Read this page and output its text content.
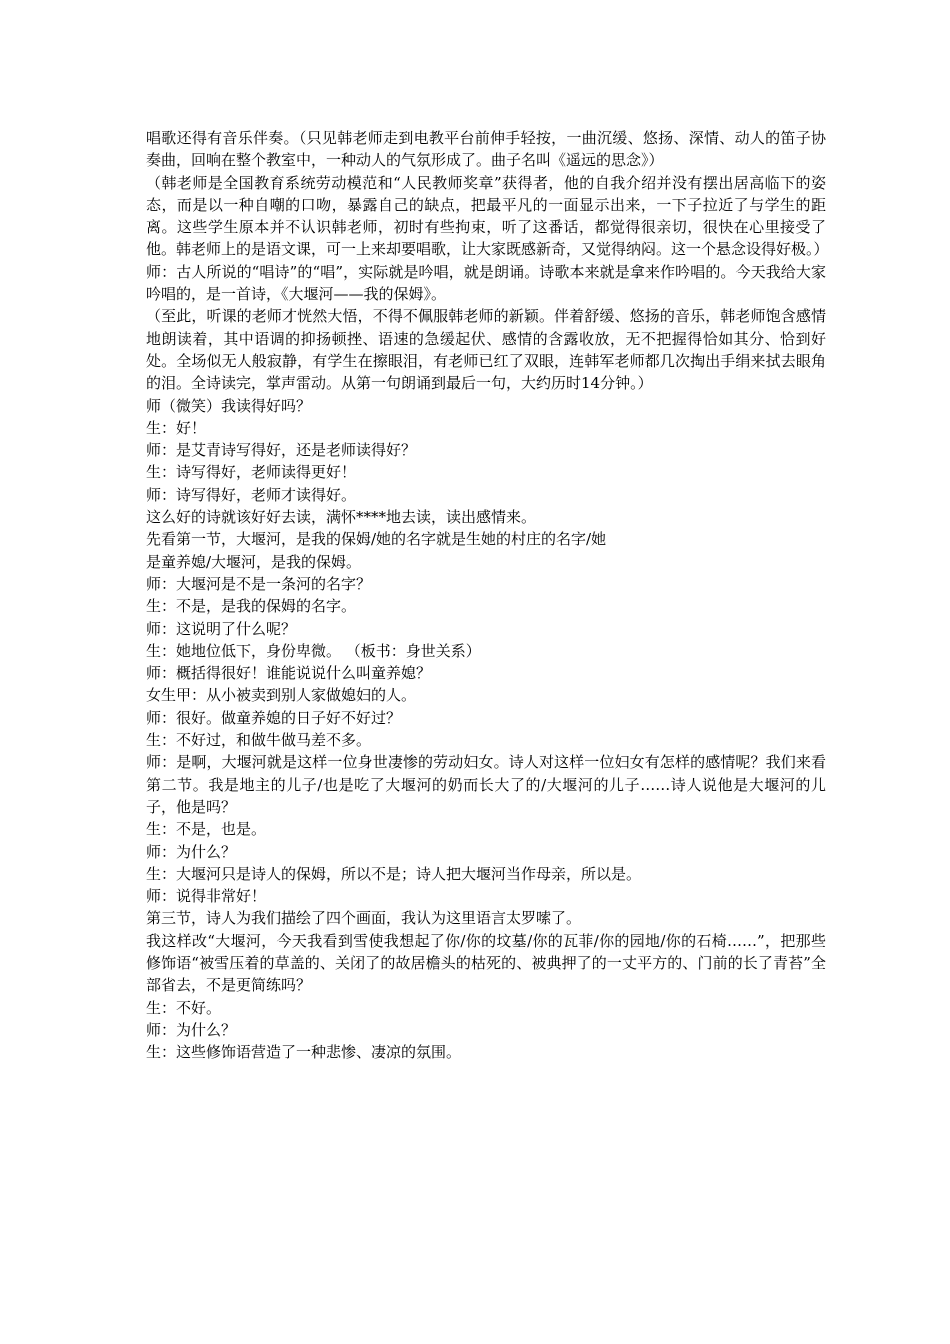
唱歌还得有音乐伴奏。（只见韩老师走到电教平台前伸手轻按，一曲沉缓、悠扬、深情、动人的笛子协奏曲，回响在整个教室中，一种动人的气氛形成了。曲子名叫《遥远的思念》）

（韩老师是全国教育系统劳动模范和“人民教师奖章”获得者，他的自我介绍并没有摆出居高临下的姿态，而是以一种自嘲的口吻，暴露自己的缺点，把最平凡的一面显示出来，一下子拉近了与学生的距离。这些学生原本并不认识韩老师，初时有些拘束，听了这番话，都觉得很亲切，很快在心里接受了他。韩老师上的是语文课，可一上来却要唱歌，让大家既感新奇，又觉得纳闷。这一个悬念设得好极。）

师：古人所说的“唱诗”的“唱”，实际就是吟唱，就是朗诵。诗歌本来就是拿来作吟唱的。今天我给大家吟唱的，是一首诗，《大堰河——我的保姆》。

（至此，听课的老师才恍然大悟，不得不佩服韩老师的新颖。伴着舒缓、悠扬的音乐，韩老师饱含感情地朗读着，其中语调的抑扬顿挫、语速的急缓起伏、感情的含露收放，无不把握得恰如其分、恰到好处。全场似无人般寂静，有学生在擦眼泪，有老师已红了双眼，连韩军老师都几次掏出手绢来拭去眼角的泪。全诗读完，掌声雷动。从第一句朗诵到最后一句，大约历时14分钟。）

师（微笑）我读得好吗？

生：好！

师：是艾青诗写得好，还是老师读得好？

生：诗写得好，老师读得更好！

师：诗写得好，老师才读得好。

这么好的诗就该好好去读，满怀****地去读，读出感情来。

先看第一节，大堰河，是我的保姆/她的名字就是生她的村庄的名字/她

是童养媳/大堰河，是我的保姆。

师：大堰河是不是一条河的名字？

生：不是，是我的保姆的名字。

师：这说明了什么呢？

生：她地位低下，身份卑微。 （板书：身世关系）

师：概括得很好！谁能说说什么叫童养媳？

女生甲：从小被卖到别人家做媳妇的人。

师：很好。做童养媳的日子好不好过？

生：不好过，和做牛做马差不多。

师：是啊，大堰河就是这样一位身世凄惨的劳动妇女。诗人对这样一位妇女有怎样的感情呢？我们来看第二节。我是地主的儿子/也是吃了大堰河的奶而长大了的/大堰河的儿子……诗人说他是大堰河的儿子，他是吗？

生：不是，也是。

师：为什么？

生：大堰河只是诗人的保姆，所以不是；诗人把大堰河当作母亲，所以是。

师：说得非常好！

第三节，诗人为我们描绘了四个画面，我认为这里语言太罗嗦了。

我这样改“大堰河，今天我看到雪使我想起了你/你的坟墓/你的瓦菲/你的园地/你的石椅……”，把那些修饰语“被雪压着的草盖的、关闭了的故居檐头的枯死的、被典押了的一丈平方的、门前的长了青苔”全部省去，不是更简练吗？

生：不好。

师：为什么？

生：这些修饰语营造了一种悲惨、凄凉的氛围。
